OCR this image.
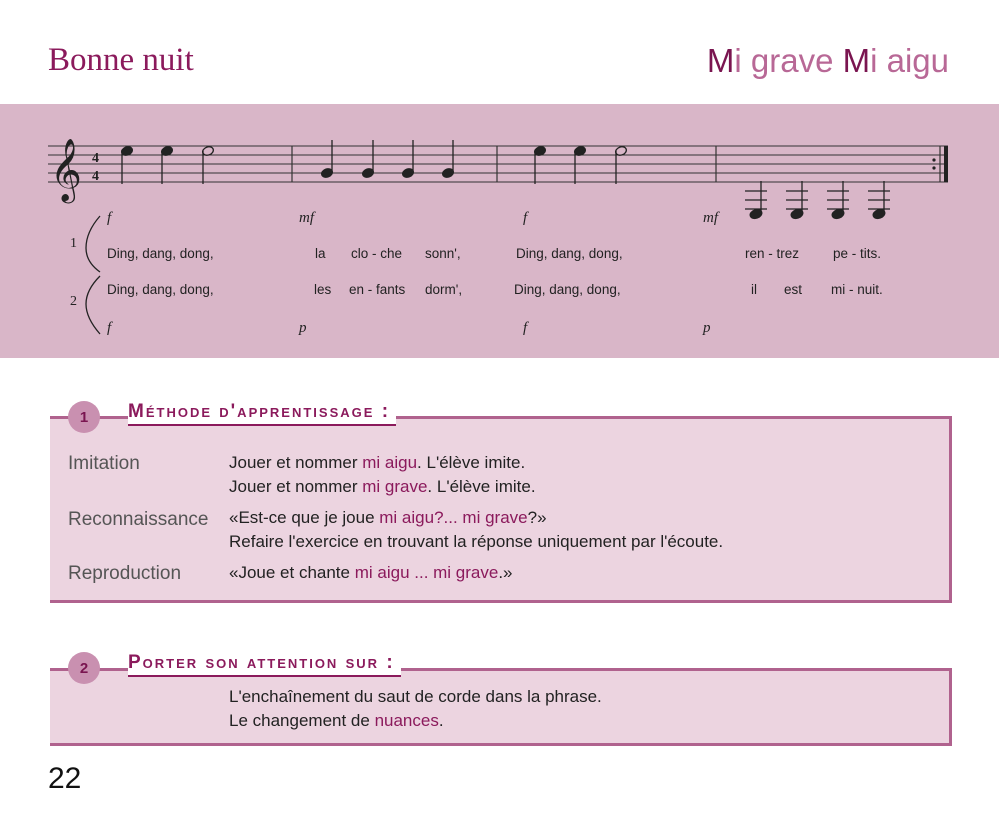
Bonne nuit	Mi grave Mi aigu
𝄞 4
4
1
2
f	mf	f	mf
Ding, dang, dong,	la clo - che sonn',	Ding, dang, dong,	ren - trez	pe - tits.
Ding, dang, dong,	les en - fants dorm',	Ding, dang, dong,	il est mi - nuit.
f	p	f	p
1	Méthode d'apprentissage :
Imitation	Jouer et nommer mi aigu. L'élève imite.
Jouer et nommer mi grave. L'élève imite.
Reconnaissance «Est-ce que je joue mi aigu?... mi grave?»
Refaire l'exercice en trouvant la réponse uniquement par l'écoute.
Reproduction	«Joue et chante mi aigu ... mi grave.»
2	Porter son attention sur :
L'enchaînement du saut de corde dans la phrase.
Le changement de nuances.
22
